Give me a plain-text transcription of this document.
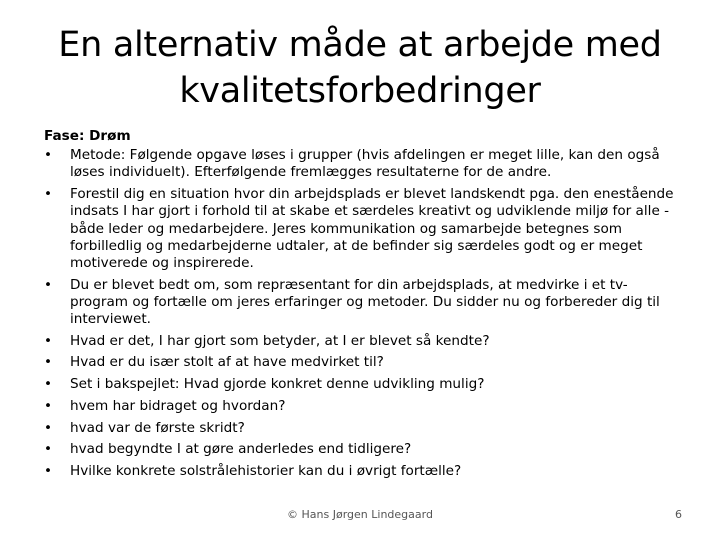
En alternativ måde at arbejde med kvalitetsforbedringer

Fase: Drøm

• Metode: Følgende opgave løses i grupper (hvis afdelingen er meget lille, kan den også løses individuelt). Efterfølgende fremlægges resultaterne for de andre.
• Forestil dig en situation hvor din arbejdsplads er blevet landskendt pga. den enestående indsats I har gjort i forhold til at skabe et særdeles kreativt og udviklende miljø for alle - både leder og medarbejdere. Jeres kommunikation og samarbejde betegnes som forbilledlig og medarbejderne udtaler, at de befinder sig særdeles godt og er meget motiverede og inspirerede.
• Du er blevet bedt om, som repræsentant for din arbejdsplads, at medvirke i et tv-program og fortælle om jeres erfaringer og metoder. Du sidder nu og forbereder dig til interviewet.
• Hvad er det, I har gjort som betyder, at I er blevet så kendte?
• Hvad er du især stolt af at have medvirket til?
• Set i bakspejlet: Hvad gjorde konkret denne udvikling mulig?
• hvem har bidraget og hvordan?
• hvad var de første skridt?
• hvad begyndte I at gøre anderledes end tidligere?
• Hvilke konkrete solstrålehistorier kan du i øvrigt fortælle?
© Hans Jørgen Lindegaard	6
